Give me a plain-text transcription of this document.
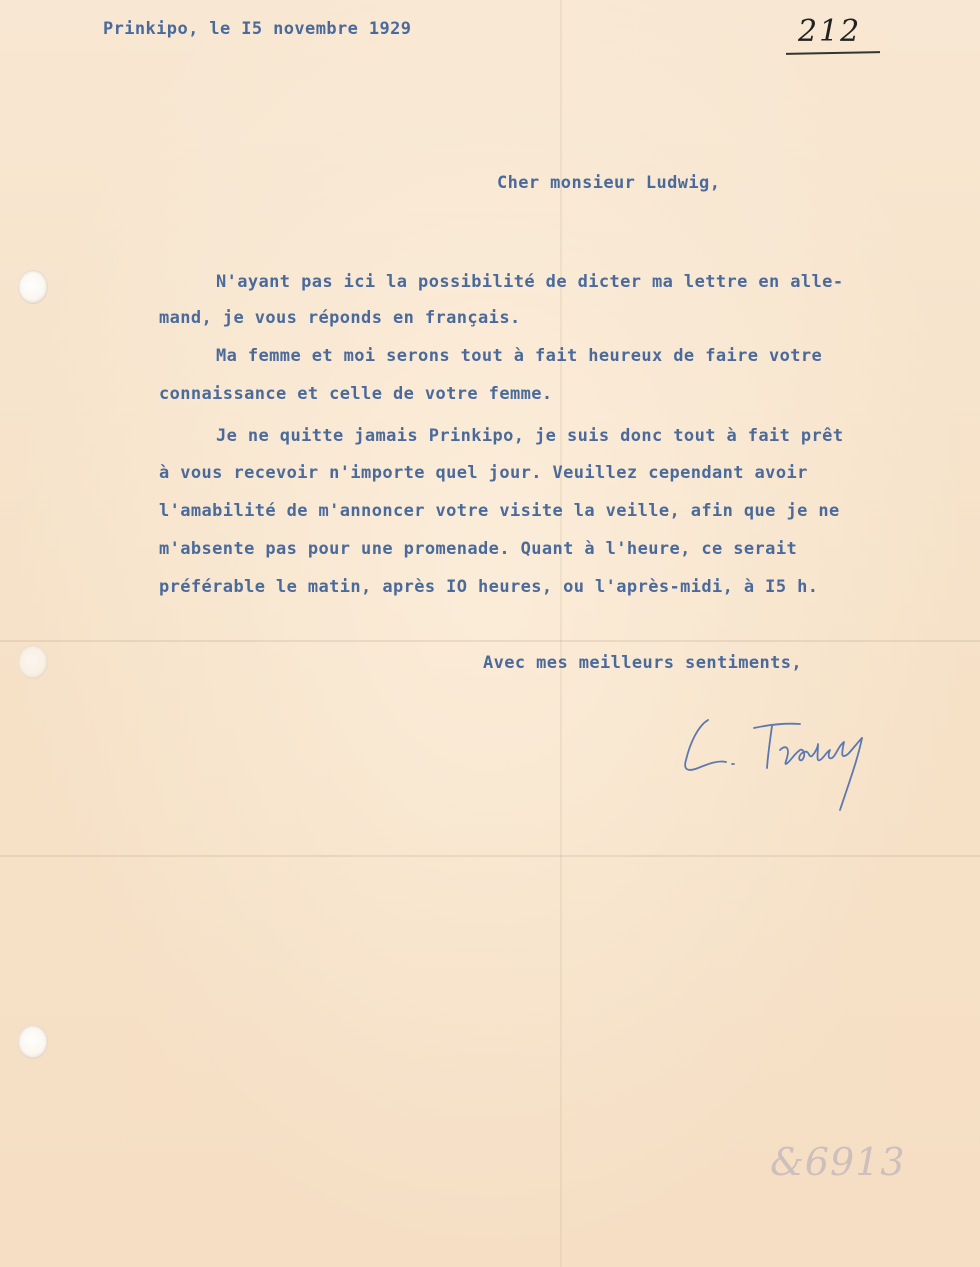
212

Prinkipo, le I5 novembre 1929

Cher monsieur Ludwig,

N'ayant pas ici la possibilité de dicter ma lettre en alle-

mand, je vous réponds en français.

Ma femme et moi serons tout à fait heureux de faire votre

connaissance et celle de votre femme.

Je ne quitte jamais Prinkipo, je suis donc tout à fait prêt

à vous recevoir n'importe quel jour. Veuillez cependant avoir

l'amabilité de m'annoncer votre visite la veille, afin que je ne

m'absente pas pour une promenade. Quant à l'heure, ce serait

préférable le matin, après IO heures, ou l'après-midi, à I5 h.

Avec mes meilleurs sentiments,

&6913
